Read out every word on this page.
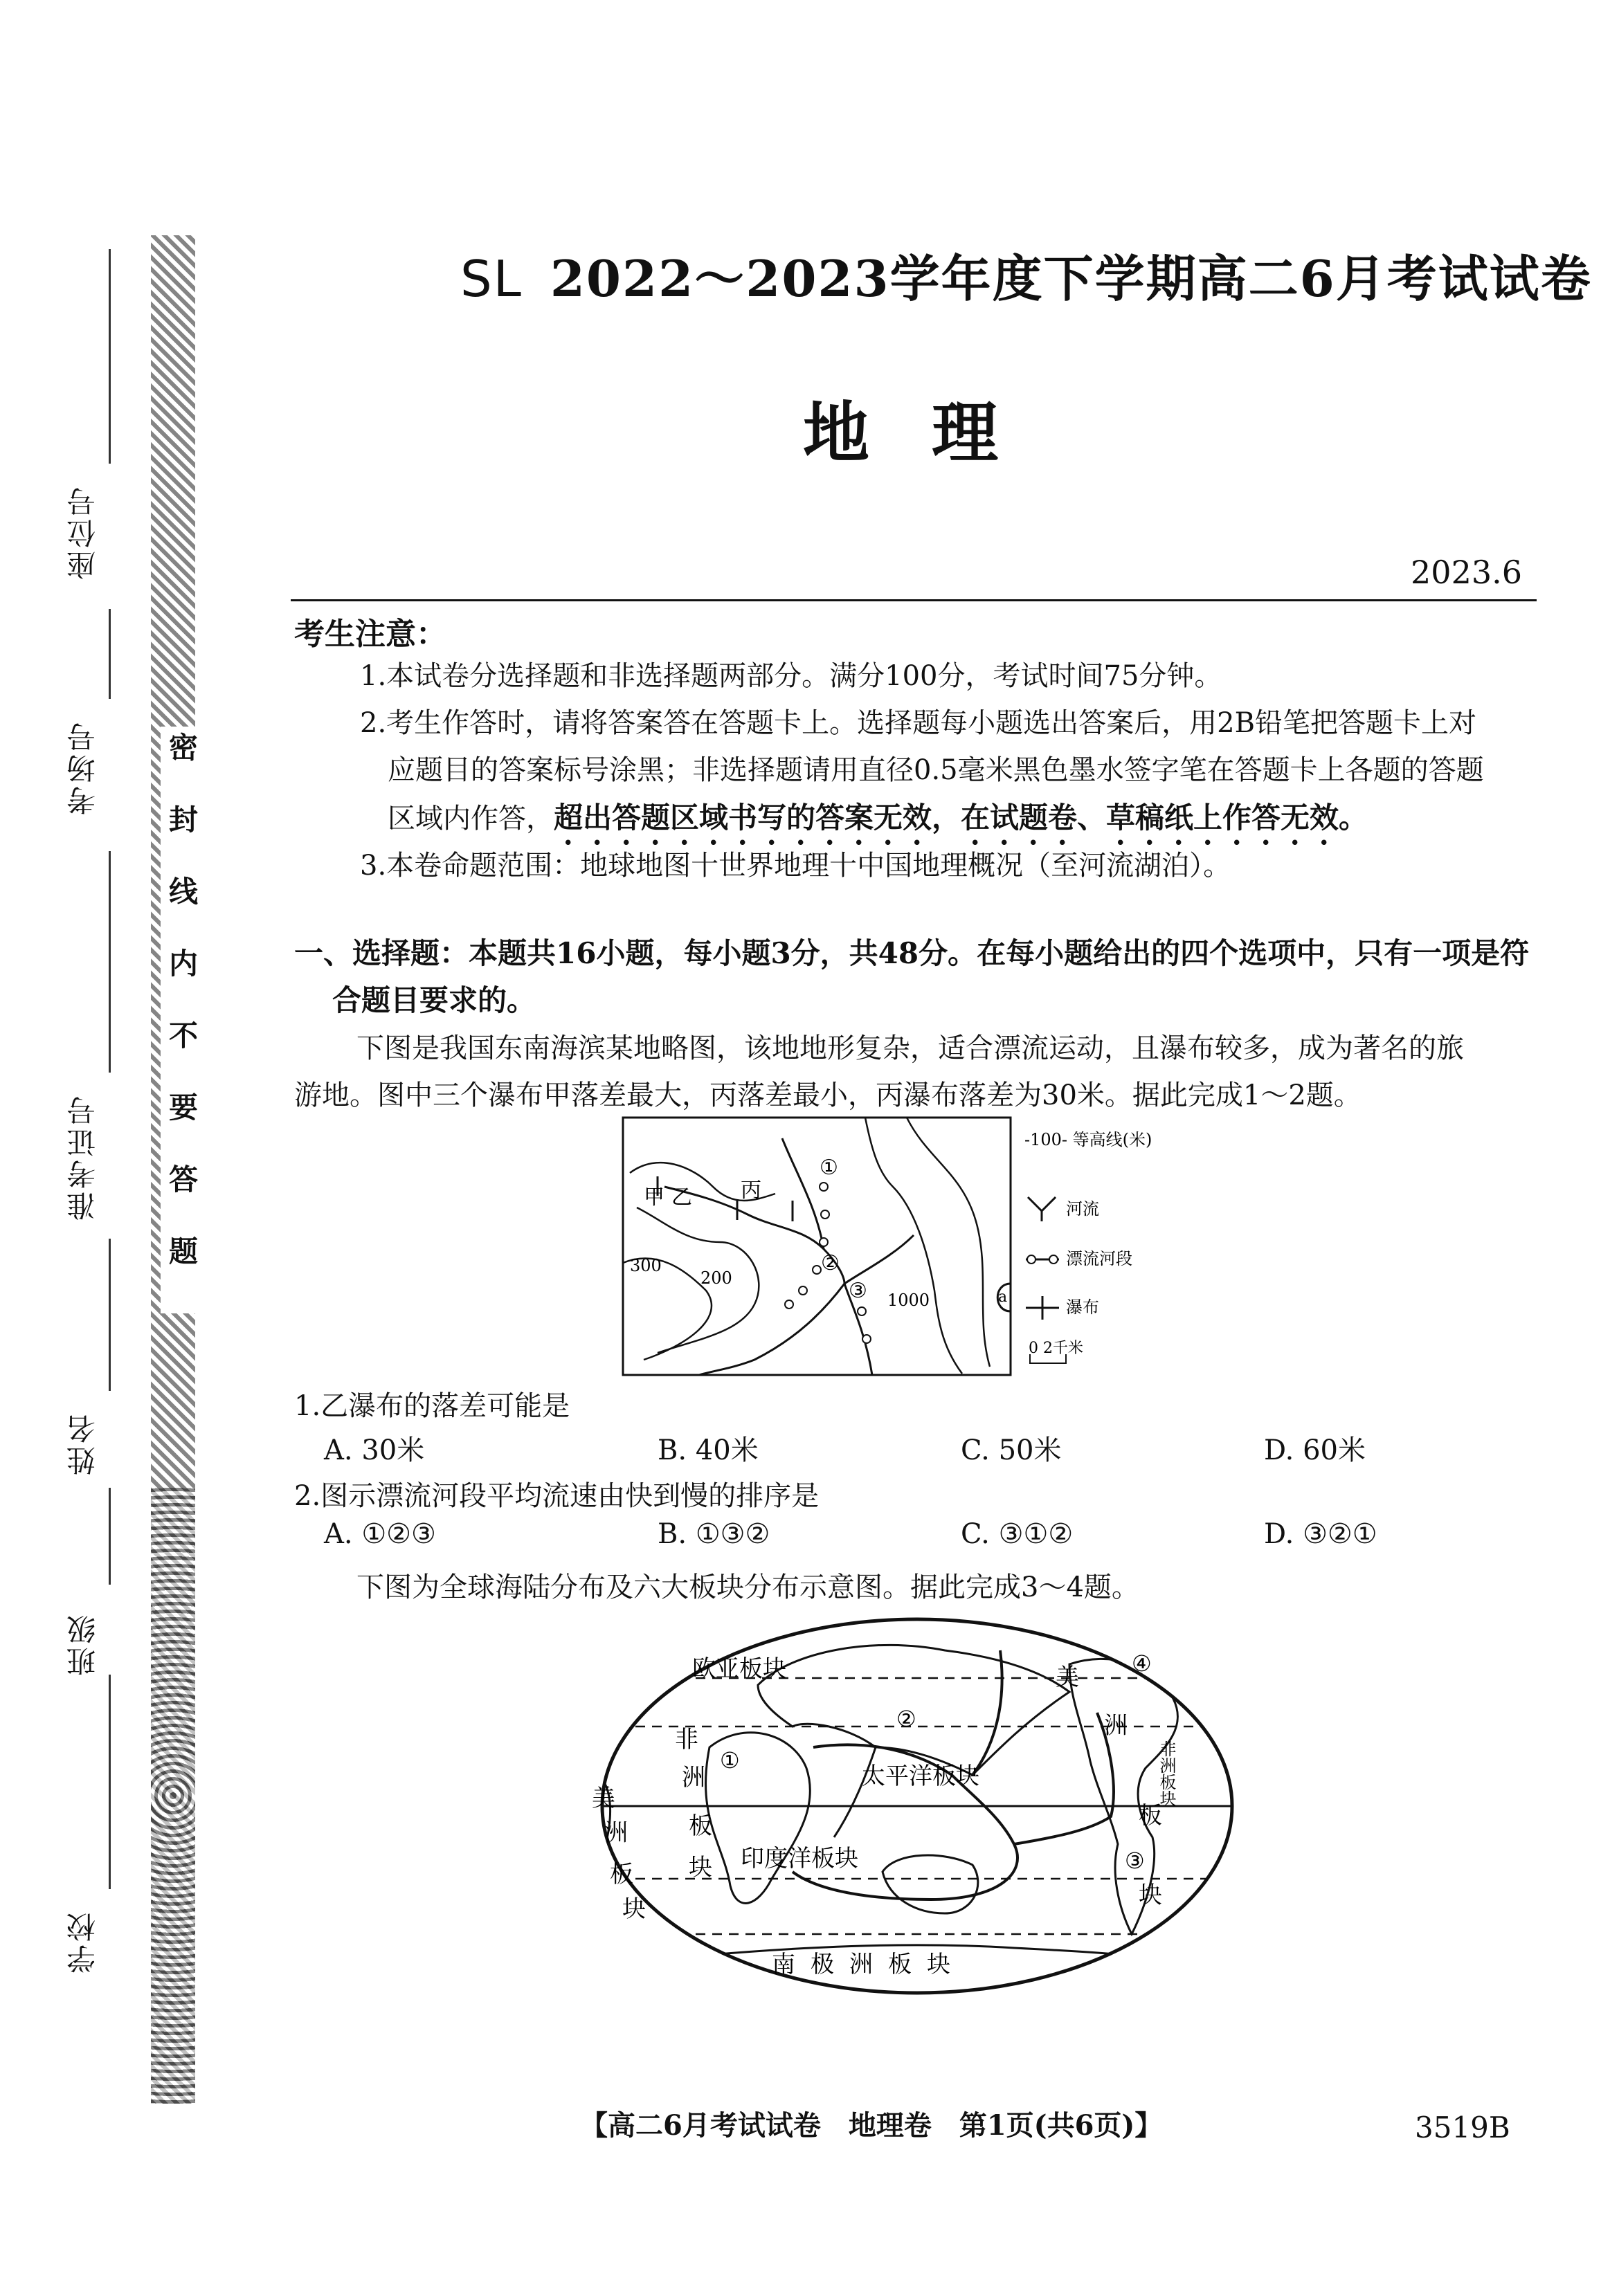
座位号
考场号
准考证号
姓名
班级
学校
密封线内不要答题
SL 2022～2023学年度下学期高二6月考试试卷
地理
2023.6
考生注意：
1.本试卷分选择题和非选择题两部分。满分100分，考试时间75分钟。
2.考生作答时，请将答案答在答题卡上。选择题每小题选出答案后，用2B铅笔把答题卡上对
应题目的答案标号涂黑；非选择题请用直径0.5毫米黑色墨水签字笔在答题卡上各题的答题
区域内作答，超出答题区域书写的答案无效，在试题卷、草稿纸上作答无效。
3.本卷命题范围：地球地图十世界地理十中国地理概况（至河流湖泊）。
一、选择题：本题共16小题，每小题3分，共48分。在每小题给出的四个选项中，只有一项是符
合题目要求的。
下图是我国东南海滨某地略图，该地地形复杂，适合漂流运动，且瀑布较多，成为著名的旅
游地。图中三个瀑布甲落差最大，丙落差最小，丙瀑布落差为30米。据此完成1～2题。
a
甲 乙 丙
①
②
③
300
200
1000
-100- 等高线(米)
河流
漂流河段
瀑布
0 2千米
1.乙瀑布的落差可能是
A. 30米	B. 40米	C. 50米	D. 60米
2.图示漂流河段平均流速由快到慢的排序是
A. ①②③	B. ①③②	C. ③①②	D. ③②①
下图为全球海陆分布及六大板块分布示意图。据此完成3～4题。
欧亚板块
太平洋板块
印度洋板块
南极洲板块
非
洲
板
块
美
洲
板
块
美
洲
板
块
非洲板块
①
②
③
④
【高二6月考试试卷　地理卷　第1页(共6页)】	3519B
